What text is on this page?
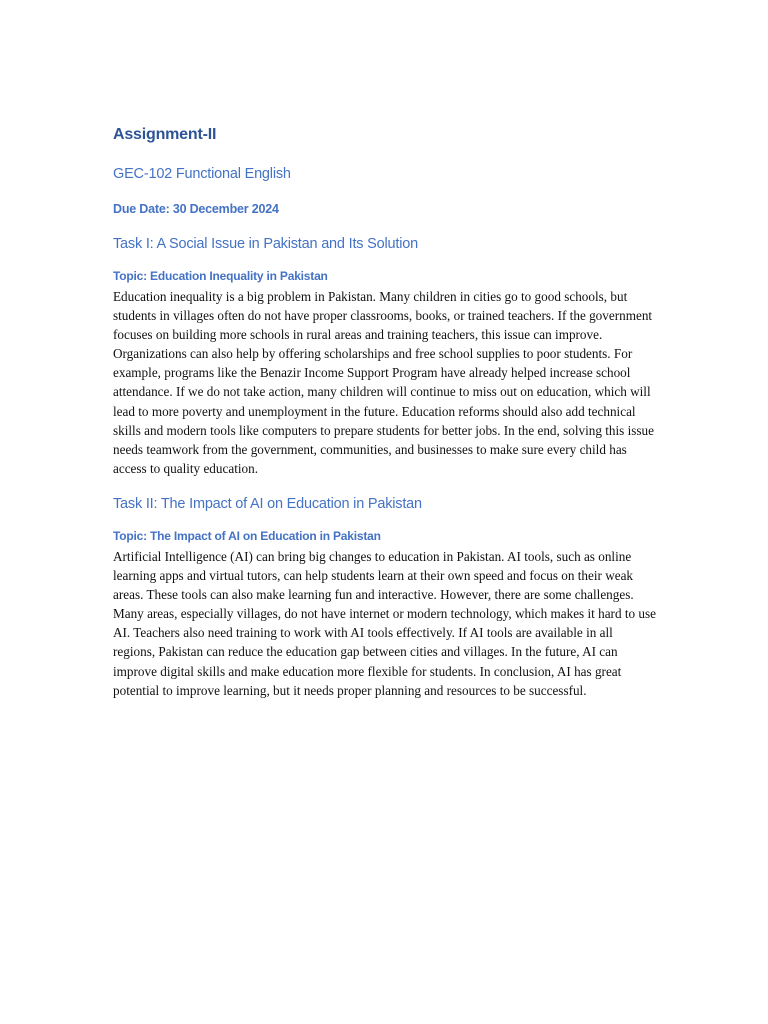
Assignment-II
GEC-102 Functional English
Due Date: 30 December 2024
Task I: A Social Issue in Pakistan and Its Solution
Topic: Education Inequality in Pakistan

Education inequality is a big problem in Pakistan. Many children in cities go to good schools, but students in villages often do not have proper classrooms, books, or trained teachers. If the government focuses on building more schools in rural areas and training teachers, this issue can improve. Organizations can also help by offering scholarships and free school supplies to poor students. For example, programs like the Benazir Income Support Program have already helped increase school attendance. If we do not take action, many children will continue to miss out on education, which will lead to more poverty and unemployment in the future. Education reforms should also add technical skills and modern tools like computers to prepare students for better jobs. In the end, solving this issue needs teamwork from the government, communities, and businesses to make sure every child has access to quality education.

Task II: The Impact of AI on Education in Pakistan
Topic: The Impact of AI on Education in Pakistan

Artificial Intelligence (AI) can bring big changes to education in Pakistan. AI tools, such as online learning apps and virtual tutors, can help students learn at their own speed and focus on their weak areas. These tools can also make learning fun and interactive. However, there are some challenges. Many areas, especially villages, do not have internet or modern technology, which makes it hard to use AI. Teachers also need training to work with AI tools effectively. If AI tools are available in all regions, Pakistan can reduce the education gap between cities and villages. In the future, AI can improve digital skills and make education more flexible for students. In conclusion, AI has great potential to improve learning, but it needs proper planning and resources to be successful.
